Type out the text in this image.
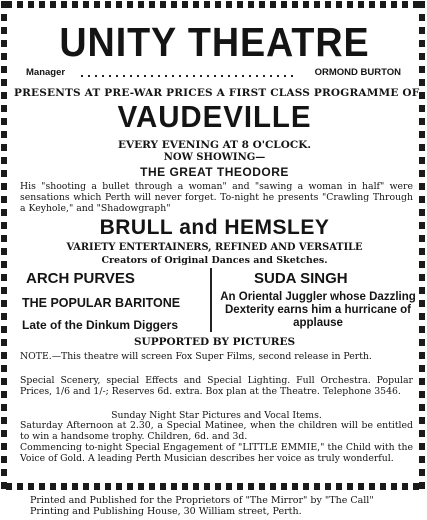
UNITY THEATRE
Manager	ORMOND BURTON
PRESENTS AT PRE-WAR PRICES A FIRST CLASS PROGRAMME OF
VAUDEVILLE
EVERY EVENING AT 8 O'CLOCK.
NOW SHOWING—
THE GREAT THEODORE
His "shooting a bullet through a woman" and "sawing a woman in half" were sensations which Perth will never forget. To-night he presents "Crawling Through a Keyhole," and "Shadowgraph"
BRULL and HEMSLEY
VARIETY ENTERTAINERS, REFINED AND VERSATILE
Creators of Original Dances and Sketches.
ARCH PURVES
THE POPULAR BARITONE
Late of the Dinkum Diggers
SUDA SINGH
An Oriental Juggler whose Dazzling Dexterity earns him a hurricane of applause
SUPPORTED BY PICTURES
NOTE.—This theatre will screen Fox Super Films, second release in Perth.
Special Scenery, special Effects and Special Lighting. Full Orchestra. Popular Prices, 1/6 and 1/-; Reserves 6d. extra. Box plan at the Theatre. Telephone 3546.
Sunday Night Star Pictures and Vocal Items.
Saturday Afternoon at 2.30, a Special Matinee, when the children will be entitled to win a handsome trophy. Children, 6d. and 3d.
Commencing to-night Special Engagement of "LITTLE EMMIE," the Child with the Voice of Gold. A leading Perth Musician describes her voice as truly wonderful.
Printed and Published for the Proprietors of "The Mirror" by "The Call" Printing and Publishing House, 30 William street, Perth.
